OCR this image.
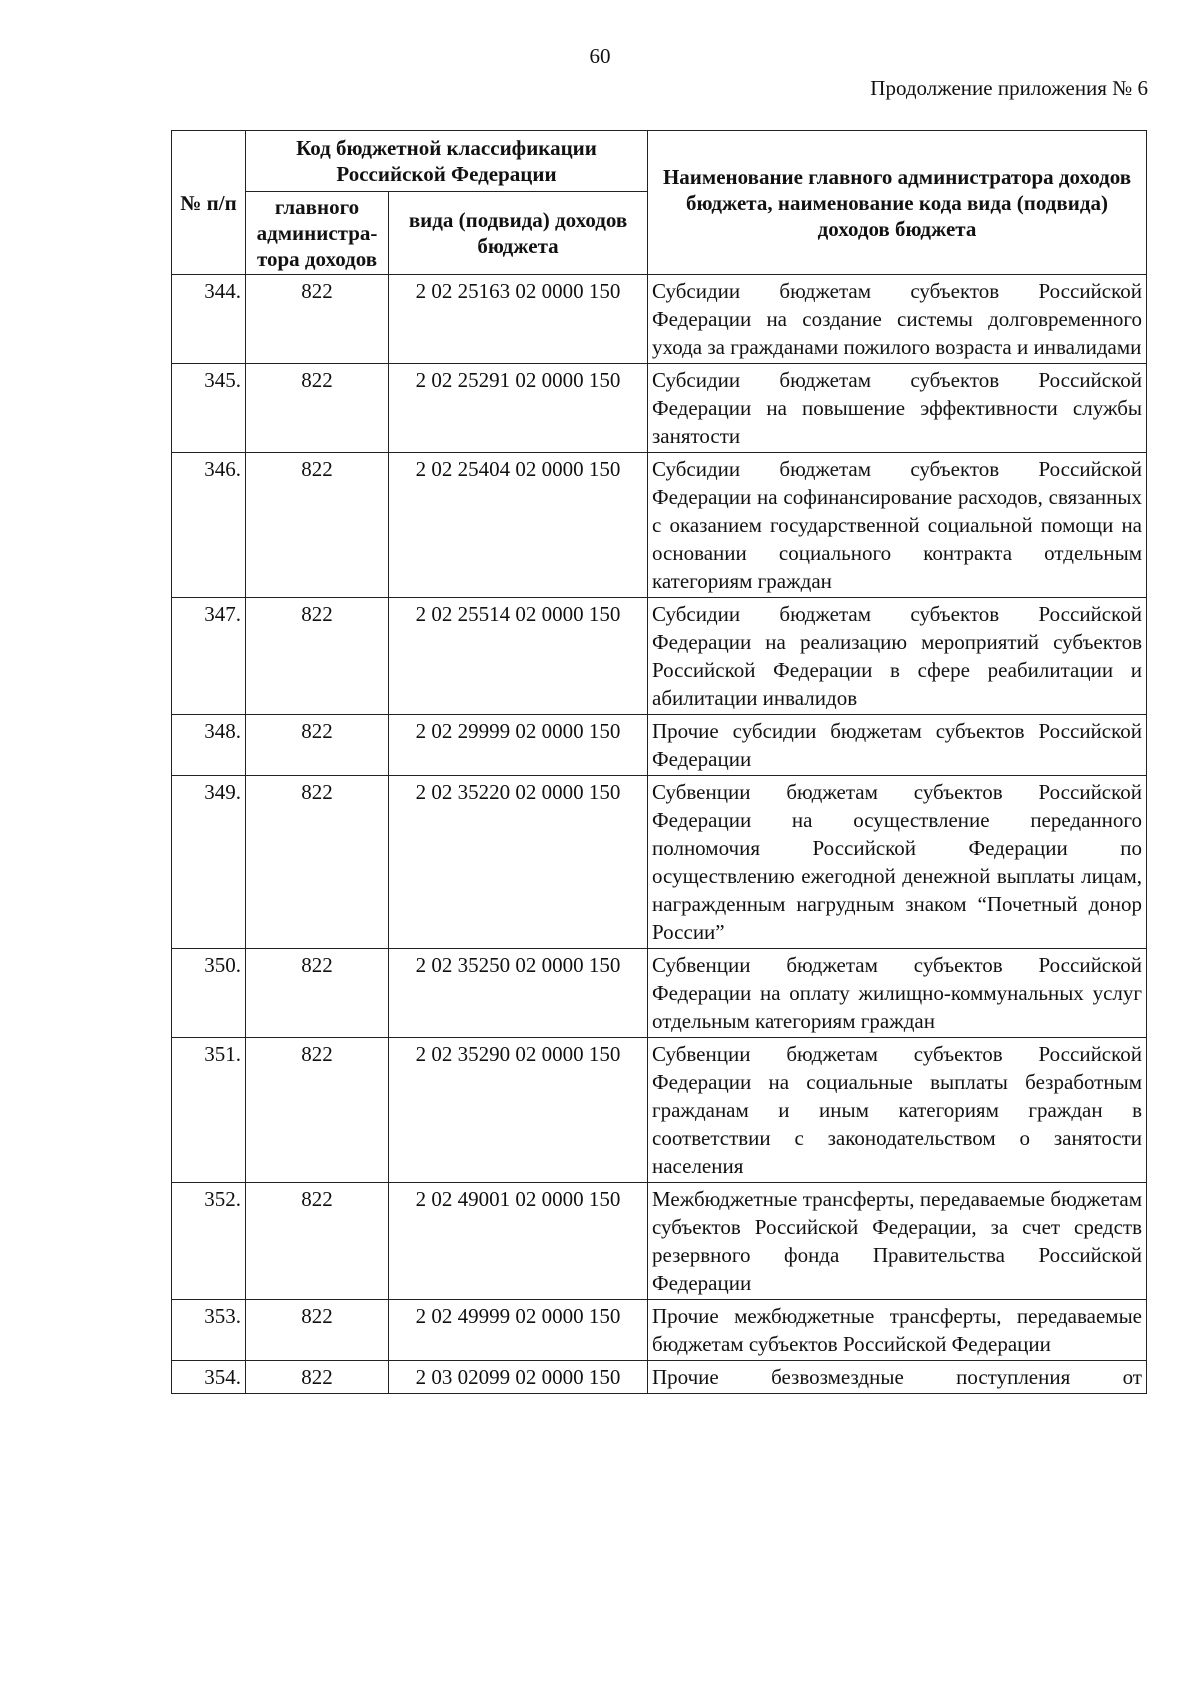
60
Продолжение приложения № 6
№ п/п	Код бюджетной классификации Российской Федерации		Наименование главного администратора доходов бюджета, наименование кода вида (подвида) доходов бюджета
	главного администра-тора доходов	вида (подвида) доходов бюджета	
344.	822	2 02 25163 02 0000 150	Субсидии бюджетам субъектов Российской Федерации на создание системы долговременного ухода за гражданами пожилого возраста и инвалидами
345.	822	2 02 25291 02 0000 150	Субсидии бюджетам субъектов Российской Федерации на повышение эффективности службы занятости
346.	822	2 02 25404 02 0000 150	Субсидии бюджетам субъектов Российской Федерации на софинансирование расходов, связанных с оказанием государственной социальной помощи на основании социального контракта отдельным категориям граждан
347.	822	2 02 25514 02 0000 150	Субсидии бюджетам субъектов Российской Федерации на реализацию мероприятий субъектов Российской Федерации в сфере реабилитации и абилитации инвалидов
348.	822	2 02 29999 02 0000 150	Прочие субсидии бюджетам субъектов Российской Федерации
349.	822	2 02 35220 02 0000 150	Субвенции бюджетам субъектов Российской Федерации на осуществление переданного полномочия Российской Федерации по осуществлению ежегодной денежной выплаты лицам, награжденным нагрудным знаком “Почетный донор России”
350.	822	2 02 35250 02 0000 150	Субвенции бюджетам субъектов Российской Федерации на оплату жилищно-коммунальных услуг отдельным категориям граждан
351.	822	2 02 35290 02 0000 150	Субвенции бюджетам субъектов Российской Федерации на социальные выплаты безработным гражданам и иным категориям граждан в соответствии с законодательством о занятости населения
352.	822	2 02 49001 02 0000 150	Межбюджетные трансферты, передаваемые бюджетам субъектов Российской Федерации, за счет средств резервного фонда Правительства Российской Федерации
353.	822	2 02 49999 02 0000 150	Прочие межбюджетные трансферты, передаваемые бюджетам субъектов Российской Федерации
354.	822	2 03 02099 02 0000 150	Прочие безвозмездные поступления от
